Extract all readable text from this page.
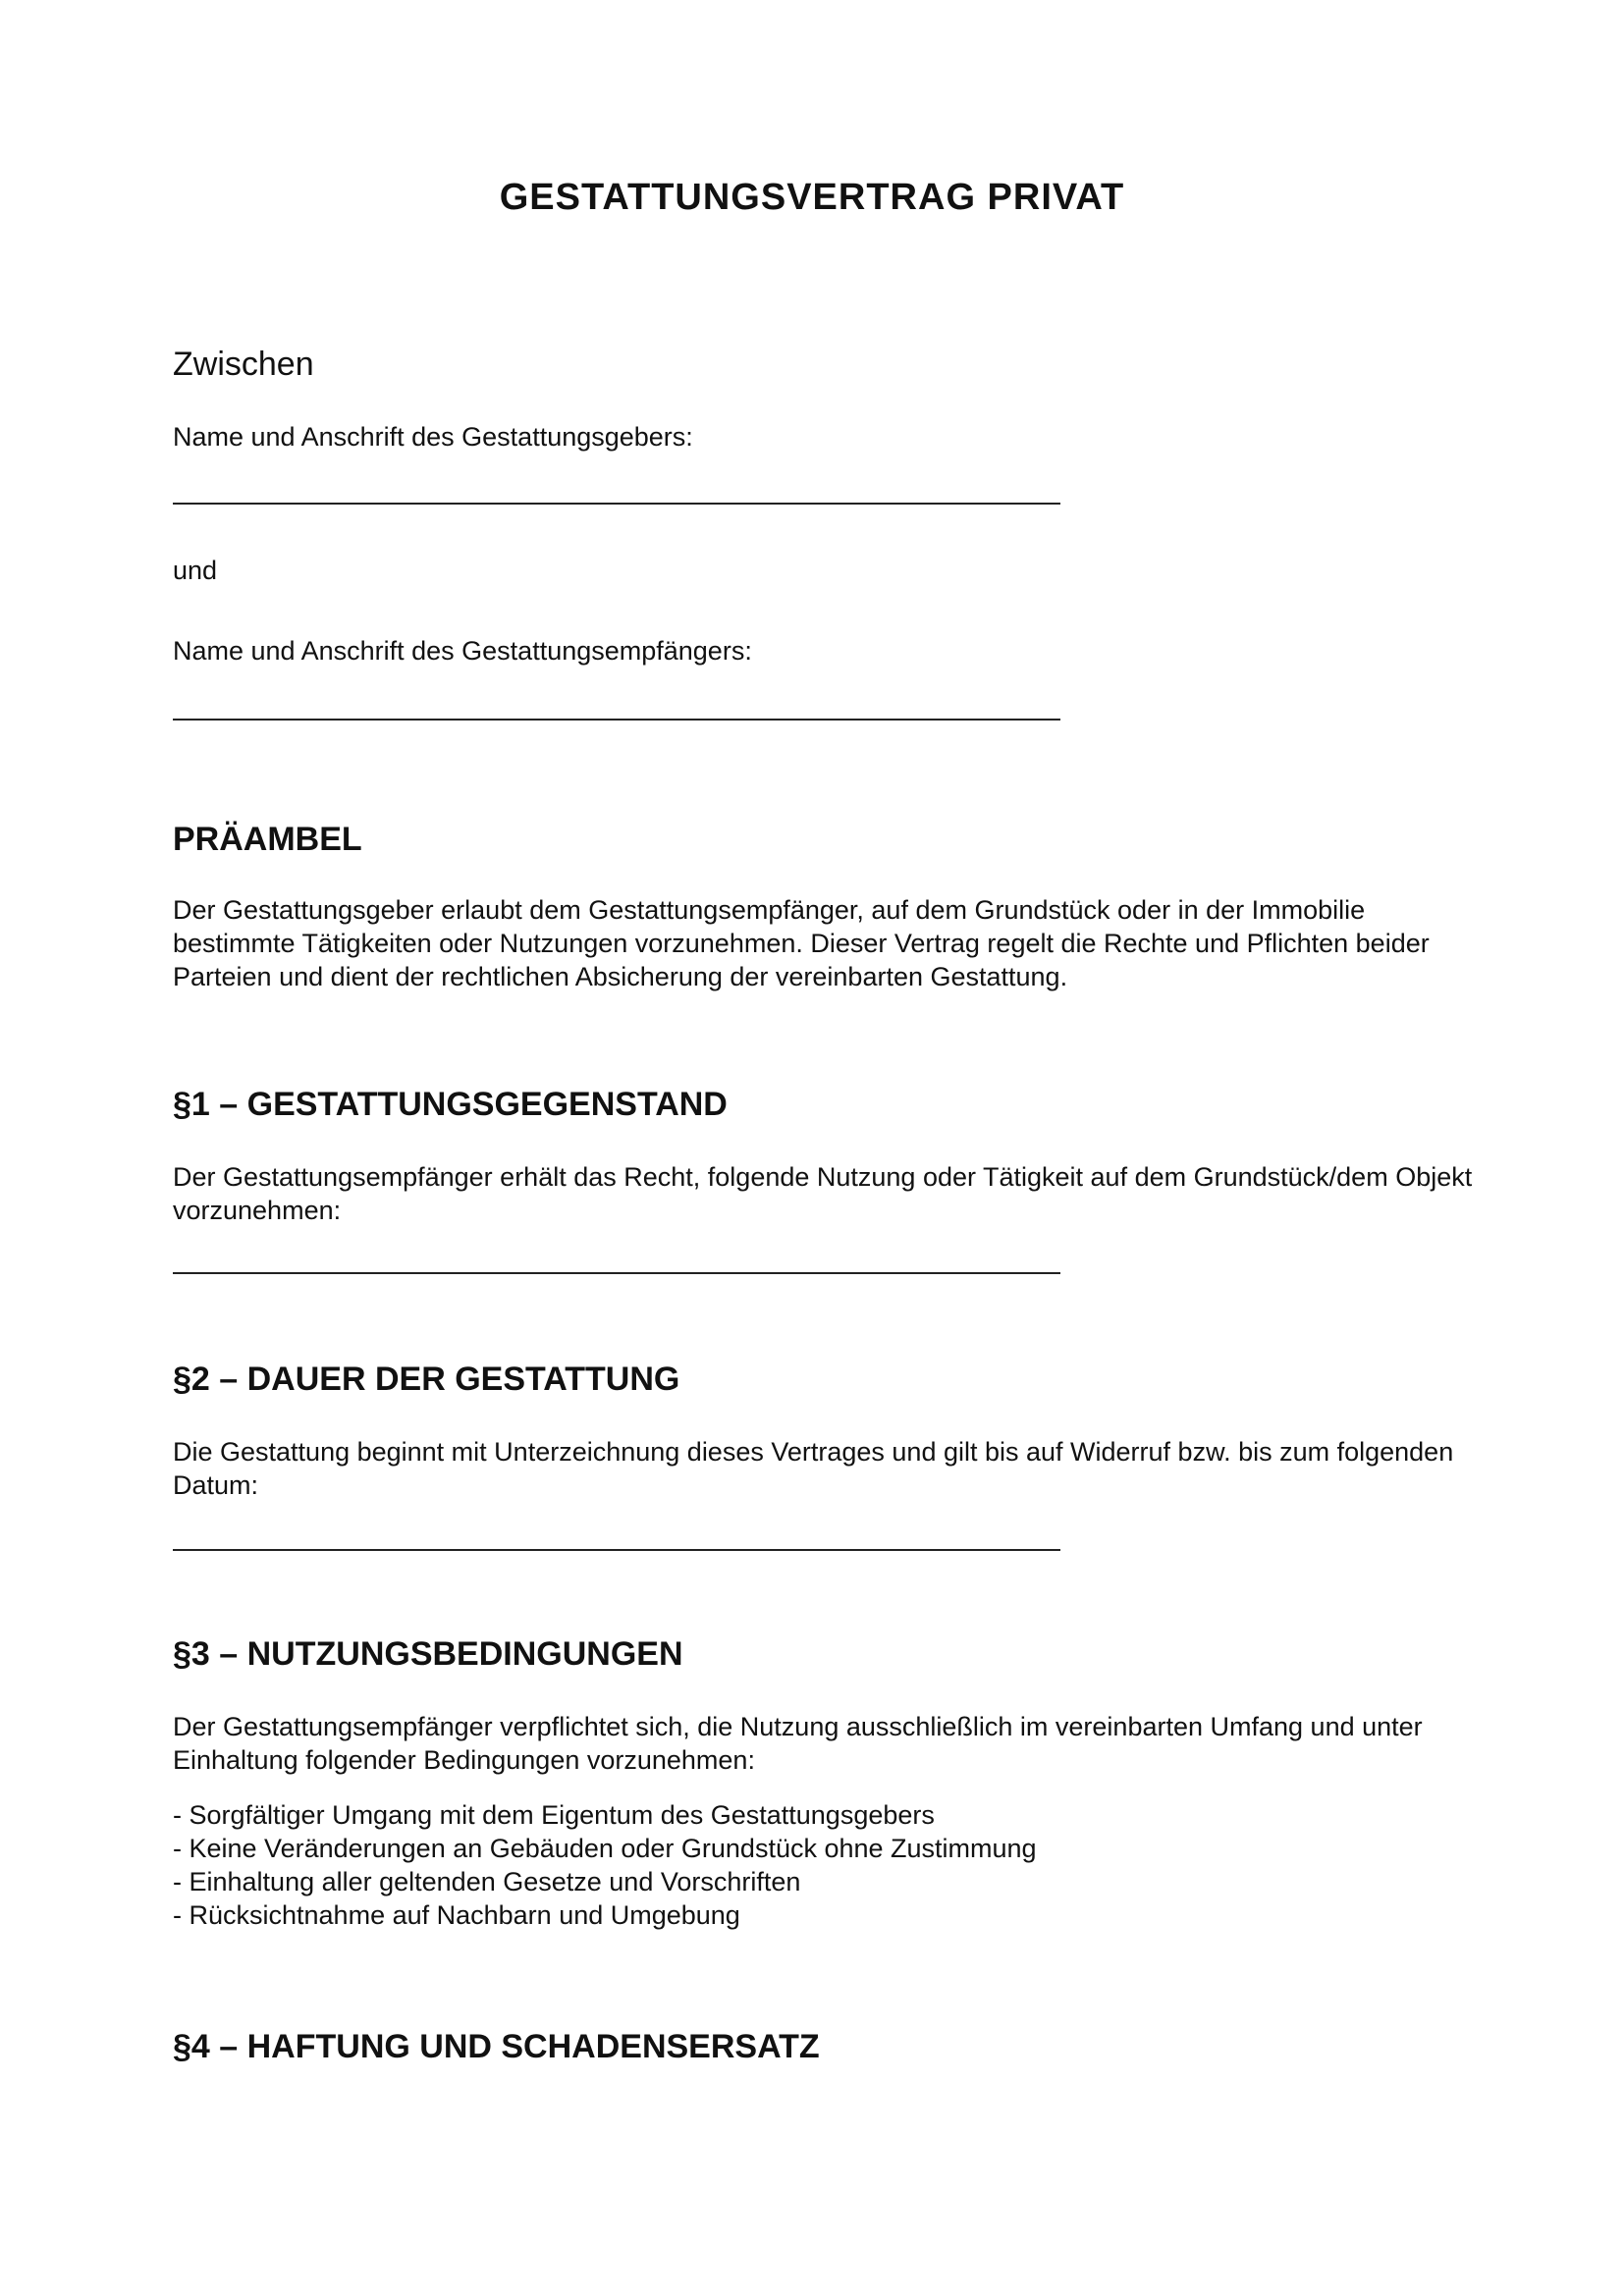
GESTATTUNGSVERTRAG PRIVAT

Zwischen

Name und Anschrift des Gestattungsgebers:

und

Name und Anschrift des Gestattungsempfängers:

PRÄAMBEL

Der Gestattungsgeber erlaubt dem Gestattungsempfänger, auf dem Grundstück oder in der Immobilie bestimmte Tätigkeiten oder Nutzungen vorzunehmen. Dieser Vertrag regelt die Rechte und Pflichten beider Parteien und dient der rechtlichen Absicherung der vereinbarten Gestattung.

§1 – GESTATTUNGSGEGENSTAND

Der Gestattungsempfänger erhält das Recht, folgende Nutzung oder Tätigkeit auf dem Grundstück/dem Objekt vorzunehmen:

§2 – DAUER DER GESTATTUNG

Die Gestattung beginnt mit Unterzeichnung dieses Vertrages und gilt bis auf Widerruf bzw. bis zum folgenden Datum:

§3 – NUTZUNGSBEDINGUNGEN

Der Gestattungsempfänger verpflichtet sich, die Nutzung ausschließlich im vereinbarten Umfang und unter Einhaltung folgender Bedingungen vorzunehmen:

- Sorgfältiger Umgang mit dem Eigentum des Gestattungsgebers
- Keine Veränderungen an Gebäuden oder Grundstück ohne Zustimmung
- Einhaltung aller geltenden Gesetze und Vorschriften
- Rücksichtnahme auf Nachbarn und Umgebung
§4 – HAFTUNG UND SCHADENSERSATZ
